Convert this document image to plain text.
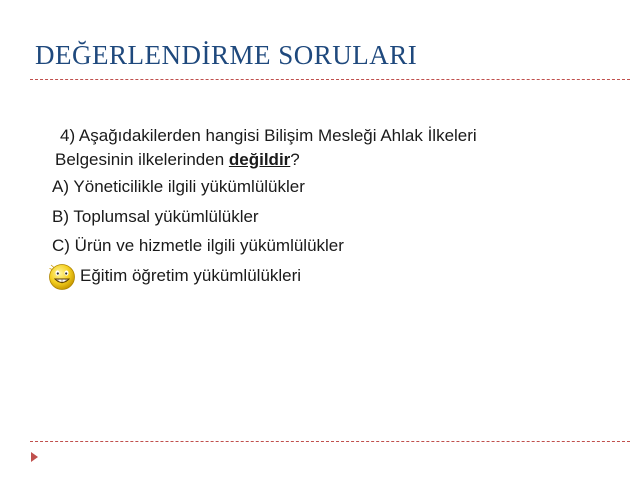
DEĞERLENDİRME SORULARI
4) Aşağıdakilerden hangisi Bilişim Mesleği Ahlak İlkeleri
Belgesinin ilkelerinden değildir?
A) Yöneticilikle ilgili yükümlülükler
B) Toplumsal yükümlülükler
C) Ürün ve hizmetle ilgili yükümlülükler
Eğitim öğretim yükümlülükleri
